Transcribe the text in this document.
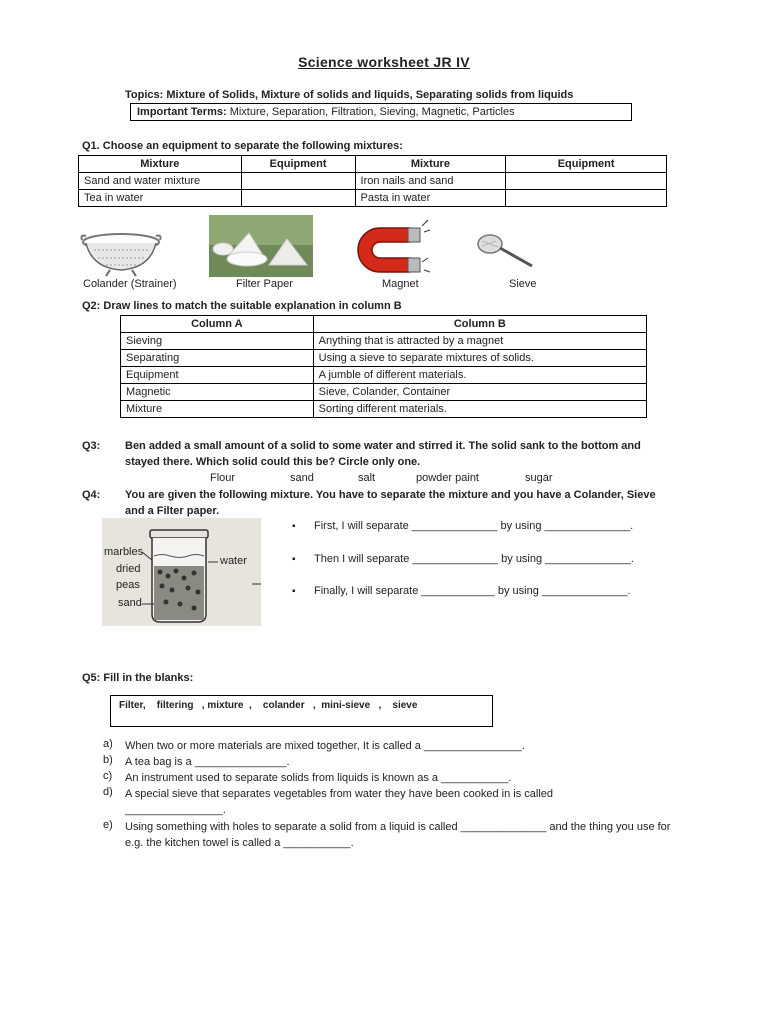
Science worksheet JR IV
Topics: Mixture of Solids, Mixture of solids and liquids, Separating solids from liquids
Important Terms: Mixture, Separation, Filtration, Sieving, Magnetic, Particles
Q1. Choose an equipment to separate the following mixtures:
Mixture	Equipment	Mixture	Equipment
Sand and water mixture		Iron nails and sand	
Tea in water		Pasta in water	
Colander (Strainer)	Filter Paper	Magnet	Sieve
Q2: Draw lines to match the suitable explanation in column B
Column A	Column B
Sieving	Anything that is attracted by a magnet
Separating	Using a sieve to separate mixtures of solids.
Equipment	A jumble of different materials.
Magnetic	Sieve, Colander, Container
Mixture	Sorting different materials.
Q3: Ben added a small amount of a solid to some water and stirred it. The solid sank to the bottom and
stayed there. Which solid could this be? Circle only one.
Flour	sand	salt	powder paint	sugar
Q4: You are given the following mixture. You have to separate the mixture and you have a Colander, Sieve
and a Filter paper.
marbles
dried
peas
sand
water
▪ First, I will separate ______________ by using ______________.
▪ Then I will separate ______________ by using ______________.
▪ Finally, I will separate ____________ by using ______________.
Q5: Fill in the blanks:
Filter,    filtering   , mixture  ,    colander   ,  mini-sieve   ,    sieve
a)	When two or more materials are mixed together, It is called a ________________.
b)	A tea bag is a _______________.
c)	An instrument used to separate solids from liquids is known as a ___________.
d)	A special sieve that separates vegetables from water they have been cooked in is called ________________.
e)	Using something with holes to separate a solid from a liquid is called ______________ and the thing you use for e.g. the kitchen towel is called a ___________.
